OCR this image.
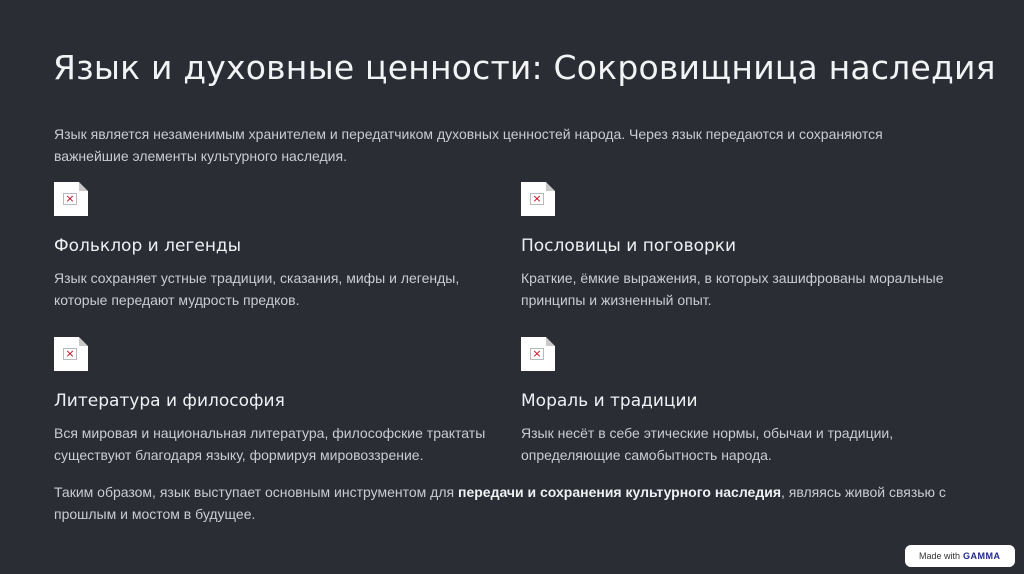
Язык и духовные ценности: Сокровищница наследия
Язык является незаменимым хранителем и передатчиком духовных ценностей народа. Через язык передаются и сохраняются важнейшие элементы культурного наследия.
×
Фольклор и легенды
Язык сохраняет устные традиции, сказания, мифы и легенды, которые передают мудрость предков.
×
Пословицы и поговорки
Краткие, ёмкие выражения, в которых зашифрованы моральные принципы и жизненный опыт.
×
Литература и философия
Вся мировая и национальная литература, философские трактаты существуют благодаря языку, формируя мировоззрение.
×
Мораль и традиции
Язык несёт в себе этические нормы, обычаи и традиции, определяющие самобытность народа.
Таким образом, язык выступает основным инструментом для передачи и сохранения культурного наследия, являясь живой связью с прошлым и мостом в будущее.
Made with GAMMA
